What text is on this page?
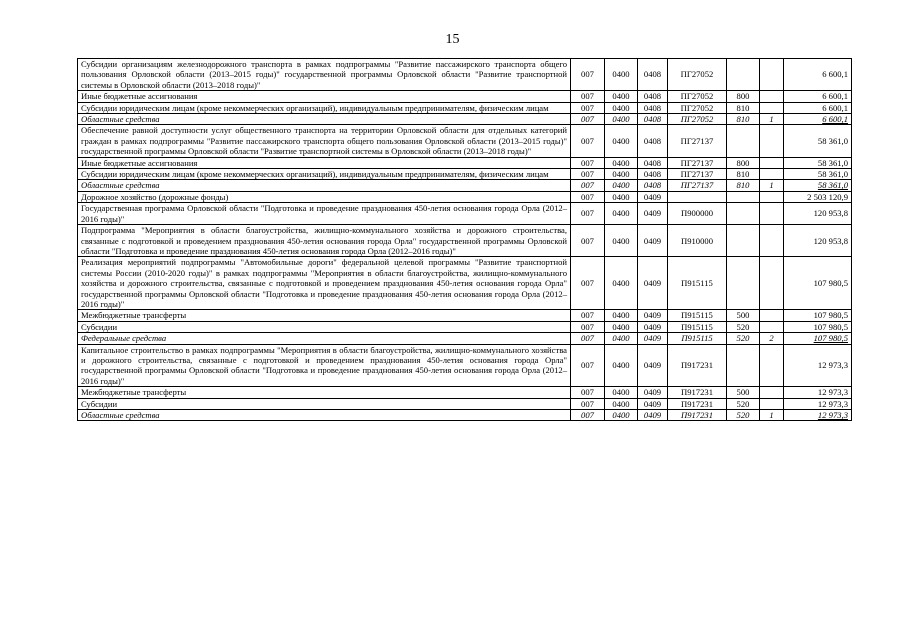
15
Субсидии организациям железнодорожного транспорта в рамках подпрограммы "Развитие пассажирского транспорта общего пользования Орловской области (2013–2015 годы)" государственной программы Орловской области "Развитие транспортной системы в Орловской области (2013–2018 годы)"	007	0400	0408	ПГ27052			6 600,1
Иные бюджетные ассигнования	007	0400	0408	ПГ27052	800		6 600,1
Субсидии юридическим лицам (кроме некоммерческих организаций), индивидуальным предпринимателям, физическим лицам	007	0400	0408	ПГ27052	810		6 600,1
Областные средства	007	0400	0408	ПГ27052	810	1	6 600,1
Обеспечение равной доступности услуг общественного транспорта на территории Орловской области для отдельных категорий граждан в рамках подпрограммы "Развитие пассажирского транспорта общего пользования Орловской области (2013–2015 годы)" государственной программы Орловской области "Развитие транспортной системы в Орловской области (2013–2018 годы)"	007	0400	0408	ПГ27137			58 361,0
Иные бюджетные ассигнования	007	0400	0408	ПГ27137	800		58 361,0
Субсидии юридическим лицам (кроме некоммерческих организаций), индивидуальным предпринимателям, физическим лицам	007	0400	0408	ПГ27137	810		58 361,0
Областные средства	007	0400	0408	ПГ27137	810	1	58 361,0
Дорожное хозяйство (дорожные фонды)	007	0400	0409				2 503 120,9
Государственная программа Орловской области "Подготовка и проведение празднования 450-летия основания города Орла (2012–2016 годы)"	007	0400	0409	П900000			120 953,8
Подпрограмма "Мероприятия в области благоустройства, жилищно-коммунального хозяйства и дорожного строительства, связанные с подготовкой и проведением празднования 450-летия основания города Орла" государственной программы Орловской области "Подготовка и проведение празднования 450-летия основания города Орла (2012–2016 годы)"	007	0400	0409	П910000			120 953,8
Реализация мероприятий подпрограммы "Автомобильные дороги" федеральной целевой программы "Развитие транспортной системы России (2010-2020 годы)" в рамках подпрограммы "Мероприятия в области благоустройства, жилищно-коммунального хозяйства и дорожного строительства, связанные с подготовкой и проведением празднования 450-летия основания города Орла" государственной программы Орловской области "Подготовка и проведение празднования 450-летия основания города Орла (2012–2016 годы)"	007	0400	0409	П915115			107 980,5
Межбюджетные трансферты	007	0400	0409	П915115	500		107 980,5
Субсидии	007	0400	0409	П915115	520		107 980,5
Федеральные средства	007	0400	0409	П915115	520	2	107 980,5
Капитальное строительство в рамках подпрограммы "Мероприятия в области благоустройства, жилищно-коммунального хозяйства и дорожного строительства, связанные с подготовкой и проведением празднования 450-летия основания города Орла" государственной программы Орловской области "Подготовка и проведение празднования 450-летия основания города Орла (2012–2016 годы)"	007	0400	0409	П917231			12 973,3
Межбюджетные трансферты	007	0400	0409	П917231	500		12 973,3
Субсидии	007	0400	0409	П917231	520		12 973,3
Областные средства	007	0400	0409	П917231	520	1	12 973,3
